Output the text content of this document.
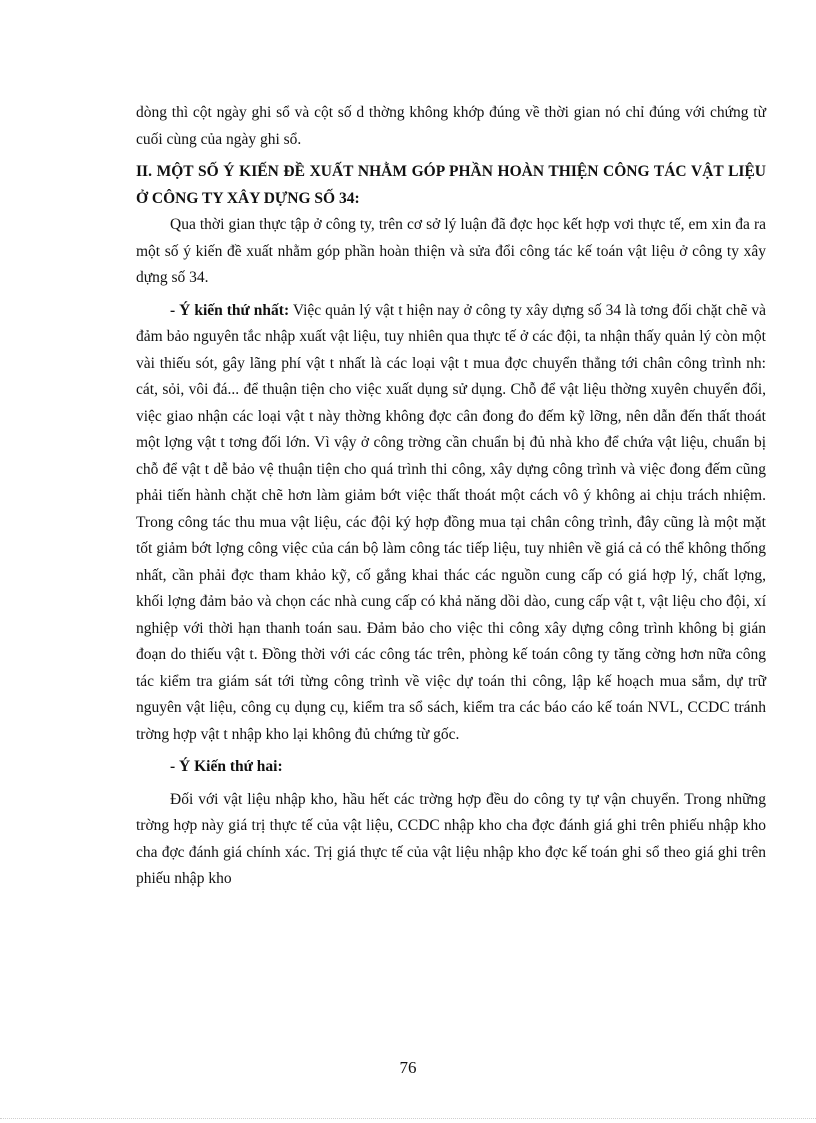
dòng thì cột ngày ghi sổ và cột số d thờng không khớp đúng về thời gian nó chỉ đúng với chứng từ cuối cùng của ngày ghi sổ.

II. MỘT SỐ Ý KIẾN ĐỀ XUẤT NHẰM GÓP PHẦN HOÀN THIỆN CÔNG TÁC VẬT LIỆU Ở CÔNG TY XÂY DỰNG SỐ 34:

Qua thời gian thực tập ở công ty, trên cơ sở lý luận đã đợc học kết hợp vơi thực tế, em xin đa ra một số ý kiến đề xuất nhằm góp phần hoàn thiện và sửa đổi công tác kế toán vật liệu ở công ty xây dựng số 34.

- Ý kiến thứ nhất: Việc quản lý vật t hiện nay ở công ty xây dựng số 34 là tơng đối chặt chẽ và đảm bảo nguyên tắc nhập xuất vật liệu, tuy nhiên qua thực tế ở các đội, ta nhận thấy quản lý còn một vài thiếu sót, gây lãng phí vật t nhất là các loại vật t mua đợc chuyển thẳng tới chân công trình nh: cát, sỏi, vôi đá... để thuận tiện cho việc xuất dụng sử dụng. Chỗ để vật liệu thờng xuyên chuyển đổi, việc giao nhận các loại vật t này thờng không đợc cân đong đo đếm kỹ lỡng, nên dẫn đến thất thoát một lợng vật t tơng đối lớn. Vì vậy ở công trờng cần chuẩn bị đủ nhà kho để chứa vật liệu, chuẩn bị chỗ để vật t dễ bảo vệ thuận tiện cho quá trình thi công, xây dựng công trình và việc đong đếm cũng phải tiến hành chặt chẽ hơn làm giảm bớt việc thất thoát một cách vô ý không ai chịu trách nhiệm. Trong công tác thu mua vật liệu, các đội ký hợp đồng mua tại chân công trình, đây cũng là một mặt tốt giảm bớt lợng công việc của cán bộ làm công tác tiếp liệu, tuy nhiên về giá cả có thể không thống nhất, cần phải đợc tham khảo kỹ, cố gắng khai thác các nguồn cung cấp có giá hợp lý, chất lợng, khối lợng đảm bảo và chọn các nhà cung cấp có khả năng dồi dào, cung cấp vật t, vật liệu cho đội, xí nghiệp với thời hạn thanh toán sau. Đảm bảo cho việc thi công xây dựng công trình không bị gián đoạn do thiếu vật t. Đồng thời với các công tác trên, phòng kế toán công ty tăng cờng hơn nữa công tác kiểm tra giám sát tới từng công trình về việc dự toán thi công, lập kế hoạch mua sắm, dự trữ nguyên vật liệu, công cụ dụng cụ, kiểm tra sổ sách, kiểm tra các báo cáo kế toán NVL, CCDC tránh trờng hợp vật t nhập kho lại không đủ chứng từ gốc.

- Ý Kiến thứ hai:

Đối với vật liệu nhập kho, hầu hết các trờng hợp đều do công ty tự vận chuyển. Trong những trờng hợp này giá trị thực tế của vật liệu, CCDC nhập kho cha đợc đánh giá ghi trên phiếu nhập kho cha đợc đánh giá chính xác. Trị giá thực tế của vật liệu nhập kho đợc kế toán ghi sổ theo giá ghi trên phiếu nhập kho

76
